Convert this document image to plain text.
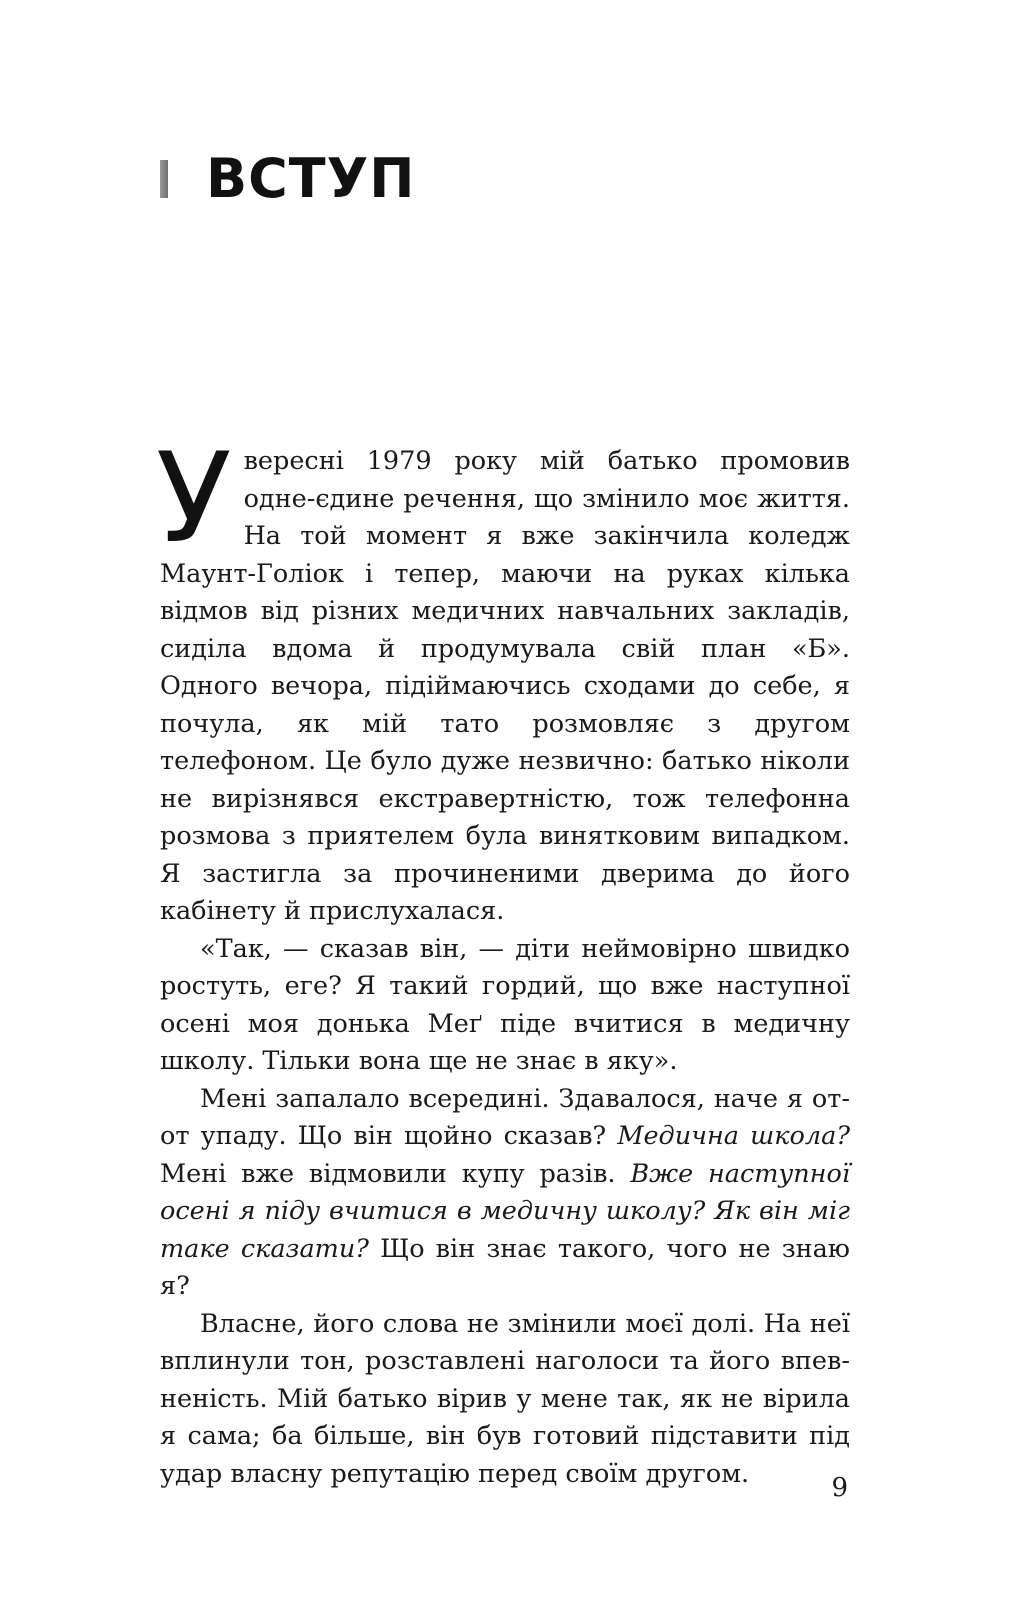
ВСТУП

У вересні 1979 року мій батько промовив одне-єдине речення, що змінило моє життя. На той момент я вже закінчила коледж Маунт-Голіок і тепер, маючи на руках кілька відмов від різних медичних навчальних закладів, сиділа вдома й продумувала свій план «Б». Одного вечора, підіймаючись сходами до себе, я почула, як мій тато розмовляє з другом телефоном. Це було дуже незвично: батько ніколи не вирізнявся екстравертністю, тож телефонна розмова з приятелем була винятковим випадком. Я застигла за прочиненими дверима до його кабінету й прислухалася.

«Так, — сказав він, — діти неймовірно швидко ростуть, еге? Я такий гордий, що вже наступної осені моя донька Меґ піде вчитися в медичну школу. Тільки вона ще не знає в яку».

Мені запалало всередині. Здавалося, наче я от-от упаду. Що він щойно сказав? Медична школа? Мені вже відмовили купу разів. Вже наступної осені я піду вчитися в медичну школу? Як він міг таке сказати? Що він знає такого, чого не знаю я?

Власне, його слова не змінили моєї долі. На неї вплинули тон, розставлені наголоси та його впевненість. Мій батько вірив у мене так, як не вірила я сама; ба більше, він був готовий підставити під удар власну репутацію перед своїм другом.	9
